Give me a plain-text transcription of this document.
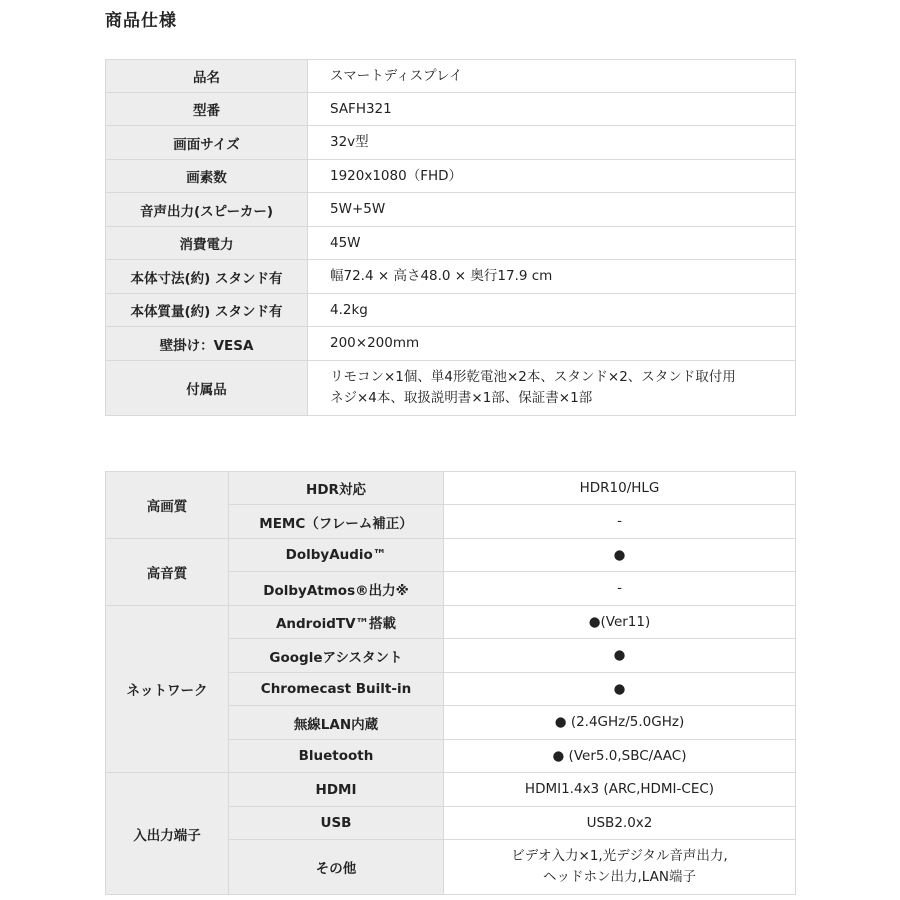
商品仕様
品名	スマートディスプレイ
型番	SAFH321
画面サイズ	32v型
画素数	1920x1080（FHD）
音声出力(スピーカー)	5W+5W
消費電力	45W
本体寸法(約) スタンド有	幅72.4 × 高さ48.0 × 奥行17.9 cm
本体質量(約) スタンド有	4.2kg
壁掛け：VESA	200×200mm
付属品	リモコン×1個、単4形乾電池×2本、スタンド×2、スタンド取付用
ネジ×4本、取扱説明書×1部、保証書×1部
高画質	HDR対応	HDR10/HLG
	MEMC（フレーム補正）	-
高音質	DolbyAudio™	●
	DolbyAtmos®出力※	-
ネットワーク	AndroidTV™搭載	●(Ver11)
	Googleアシスタント	●
	Chromecast Built-in	●
	無線LAN内蔵	● (2.4GHz/5.0GHz)
	Bluetooth	● (Ver5.0,SBC/AAC)
入出力端子	HDMI	HDMI1.4x3 (ARC,HDMI-CEC)
	USB	USB2.0x2
	その他	ビデオ入力×1,光デジタル音声出力,
ヘッドホン出力,LAN端子
